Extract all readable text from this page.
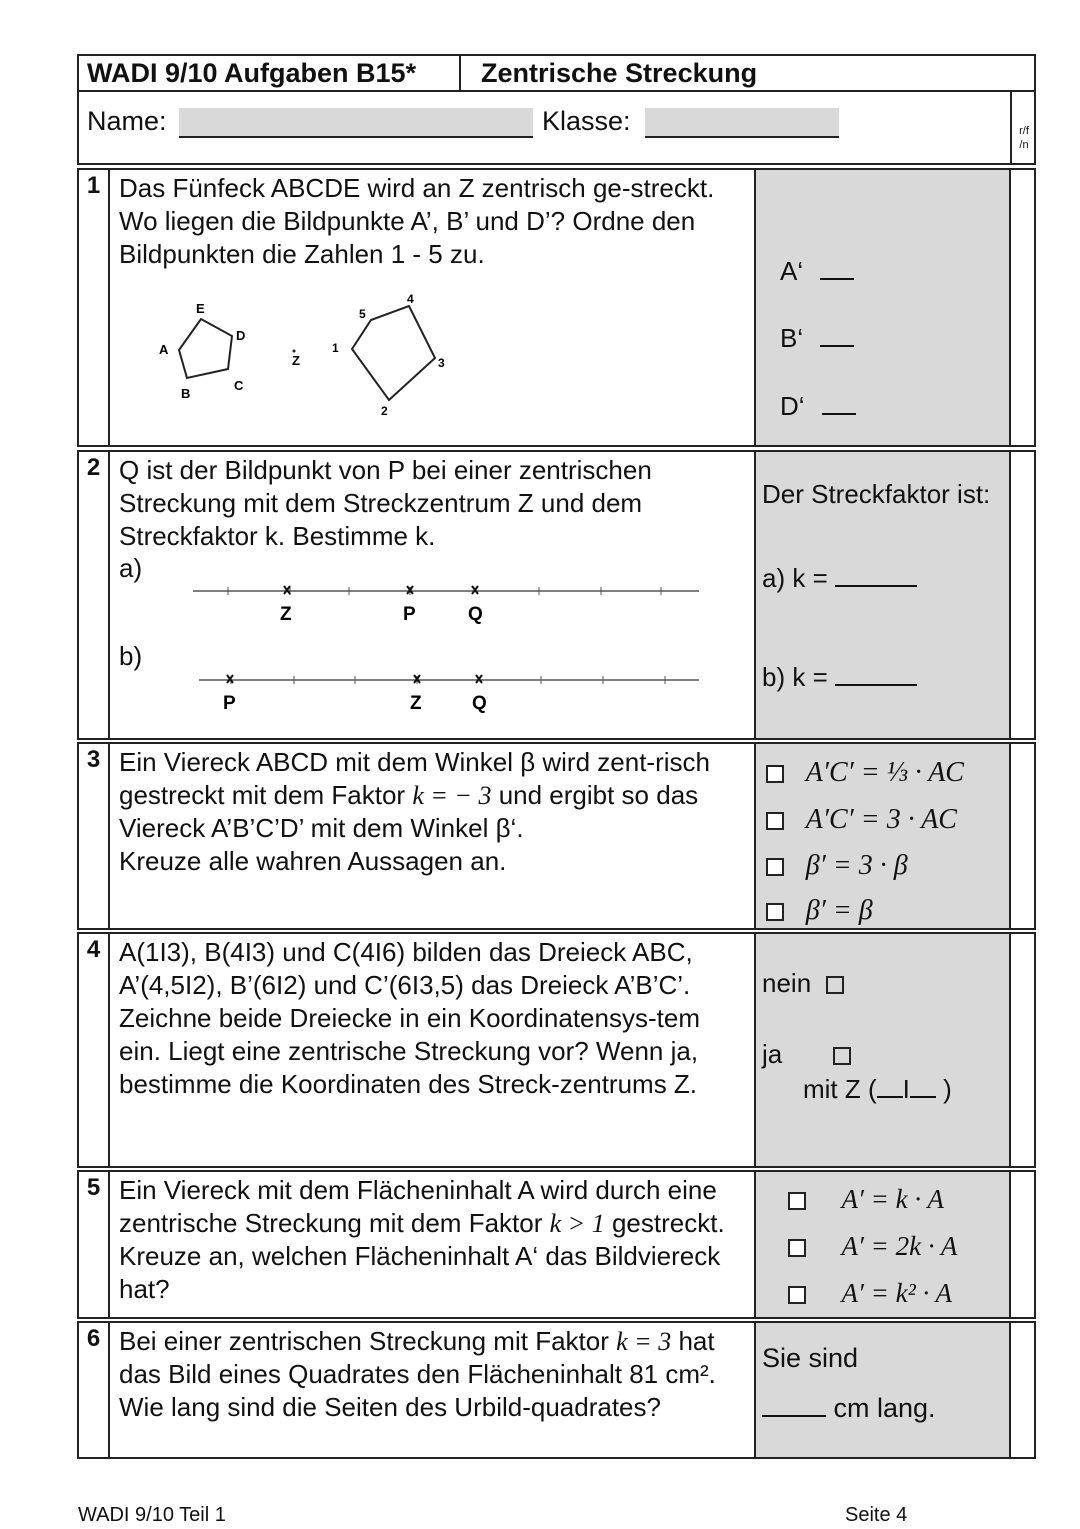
WADI 9/10 Aufgaben B15* Zentrische Streckung
Name:	Klasse:	r/f
/n
1 Das Fünfeck ABCDE wird an Z zentrisch ge-streckt. Wo liegen die Bildpunkte A’, B’ und D’? Ordne den Bildpunkten die Zahlen 1 - 5 zu.
A
B
C
D
E
Z
1
2
3
4
5
A‘
B‘
D‘
2 Q ist der Bildpunkt von P bei einer zentrischen Streckung mit dem Streckzentrum Z und dem Streckfaktor k. Bestimme k.
a)
b)
Z	P	Q
P	Z	Q
Der Streckfaktor ist:
a) k =
b) k =
3 Ein Viereck ABCD mit dem Winkel β wird zent-risch gestreckt mit dem Faktor k = − 3 und ergibt so das Viereck A’B’C’D’ mit dem Winkel β‘.
Kreuze alle wahren Aussagen an.
A′C′ = ⅓ · AC
A′C′ = 3 · AC
β′ = 3 · β
β′ = β
4 A(1I3), B(4I3) und C(4I6) bilden das Dreieck ABC, A’(4,5I2), B’(6I2) und C’(6I3,5) das Dreieck A’B’C’.
Zeichne beide Dreiecke in ein Koordinatensys-tem ein. Liegt eine zentrische Streckung vor? Wenn ja, bestimme die Koordinaten des Streck-zentrums Z.
nein
ja
mit Z ( I )
5 Ein Viereck mit dem Flächeninhalt A wird durch eine zentrische Streckung mit dem Faktor k > 1 gestreckt. Kreuze an, welchen Flächeninhalt A‘ das Bildviereck hat?
A′ = k · A
A′ = 2k · A
A′ = k² · A
6 Bei einer zentrischen Streckung mit Faktor k = 3 hat das Bild eines Quadrates den Flächeninhalt 81 cm². Wie lang sind die Seiten des Urbild-quadrates?
Sie sind
cm lang.
WADI 9/10 Teil 1	Seite 4
